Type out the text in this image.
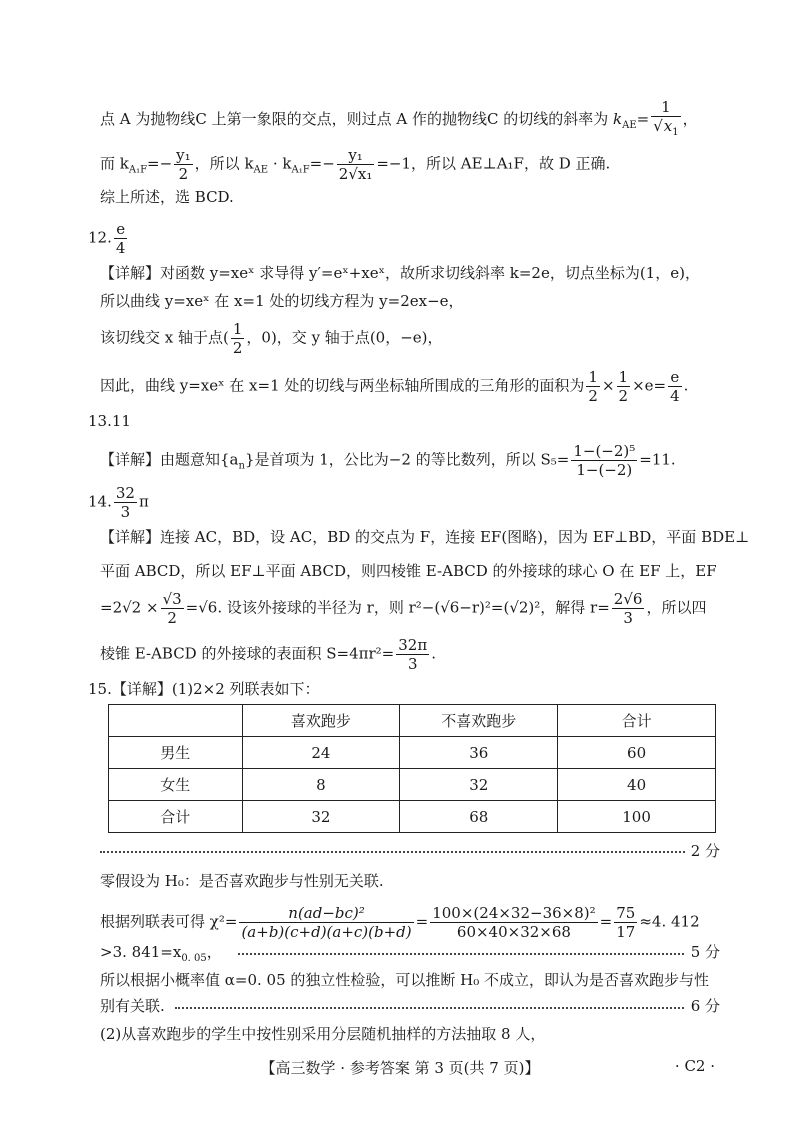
点 A 为抛物线C 上第一象限的交点，则过点 A 作的抛物线C 的切线的斜率为 $k_{AE}= \frac{1}{√x_1}$ ，
而 $k_{A_1F}=- \frac{\text{y₁}}{2}$ ，所以 $k_{AE} \cdot k_{A_1F}=- \frac{\text{y₁}}{\text{2√x₁}} =-1$，所以 AE⊥A₁F，故 D 正确.
综上所述，选 BCD.
12. $\frac{e}{4}$
【详解】对函数 y=xeˣ 求导得 y′=eˣ+xeˣ，故所求切线斜率 k=2e，切点坐标为(1，e)，
所以曲线 y=xeˣ 在 x=1 处的切线方程为 y=2ex−e，
该切线交 x 轴于点( $\frac{1}{2}$ ，0)，交 y 轴于点(0，−e)，
因此，曲线 y=xeˣ 在 x=1 处的切线与两坐标轴所围成的三角形的面积为 $\frac{1}{2} \times \frac{1}{2} \times e= \frac{e}{4}$ .
13.11
【详解】由题意知$\{a_n\}$是首项为 1，公比为−2 的等比数列，所以 $S_5= \frac{\text{1−(−2)⁵}}{1-(-2)} =11$.
14. $\frac{32}{3}$ π
【详解】连接 AC，BD，设 AC，BD 的交点为 F，连接 EF(图略)，因为 EF⊥BD，平面 BDE⊥
平面 ABCD，所以 EF⊥平面 ABCD，则四棱锥 E-ABCD 的外接球的球心 O 在 EF 上，EF
$=2√2 \times \frac{√3}{2} =√6$. 设该外接球的半径为 r，则 r²−(√6−r)²=(√2)²，解得 $r= \frac{2√6}{3}$ ，所以四
棱锥 E-ABCD 的外接球的表面积 $S=4\pi r^2= \frac{32\pi}{3}$ .
15.【详解】(1)2×2 列联表如下：
	喜欢跑步	不喜欢跑步	合计
男生	24	36	60
女生	8	32	40
合计	32	68	100
2 分
零假设为 H₀：是否喜欢跑步与性别无关联.
根据列联表可得 $\chi^2= \frac{\text{n(ad−bc)²}}{(a+b)(c+d)(a+c)(b+d)} = \frac{\text{100×(24×32−36×8)²}}{60\times 40\times 32\times 68} = \frac{75}{17} \approx 4$. 412
>3. $841=x_{0. 05}$，	5 分
所以根据小概率值 α=0. 05 的独立性检验，可以推断 H₀ 不成立，即认为是否喜欢跑步与性
别有关联.	6 分
(2)从喜欢跑步的学生中按性别采用分层随机抽样的方法抽取 8 人，
【高三数学 · 参考答案 第 3 页(共 7 页)】	· C2 ·
